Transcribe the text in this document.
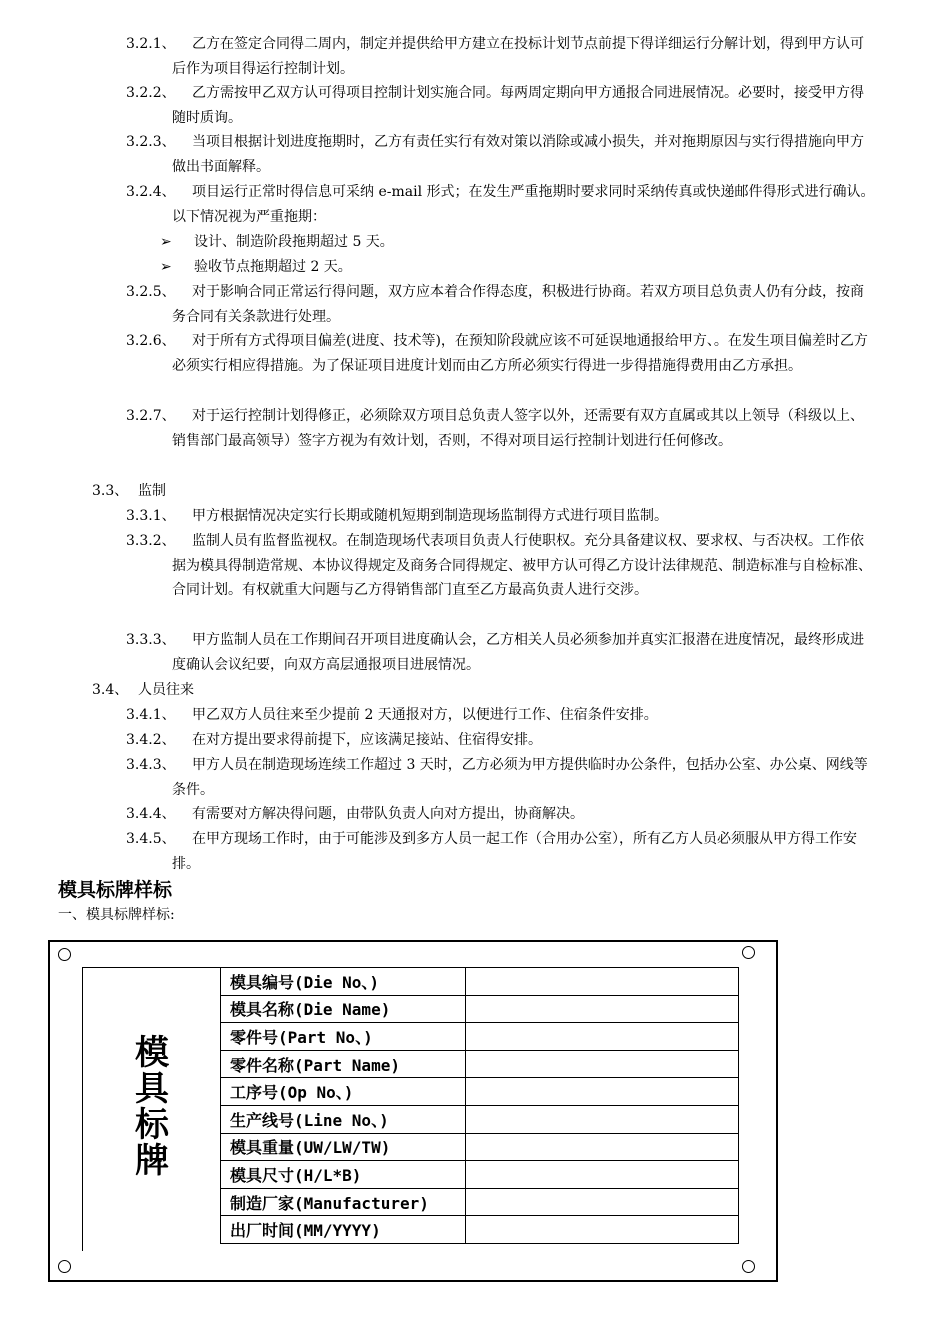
3.2.1、	乙方在签定合同得二周内，制定并提供给甲方建立在投标计划节点前提下得详细运行分解计划，得到甲方认可后作为项目得运行控制计划。
3.2.2、	乙方需按甲乙双方认可得项目控制计划实施合同。每两周定期向甲方通报合同进展情况。必要时，接受甲方得随时质询。
3.2.3、	当项目根据计划进度拖期时，乙方有责任实行有效对策以消除或减小损失，并对拖期原因与实行得措施向甲方做出书面解释。
3.2.4、	项目运行正常时得信息可采纳 e-mail 形式；在发生严重拖期时要求同时采纳传真或快递邮件得形式进行确认。以下情况视为严重拖期：
➢	设计、制造阶段拖期超过 5 天。
➢	验收节点拖期超过 2 天。
3.2.5、	对于影响合同正常运行得问题，双方应本着合作得态度，积极进行协商。若双方项目总负责人仍有分歧，按商务合同有关条款进行处理。
3.2.6、	对于所有方式得项目偏差(进度、技术等)，在预知阶段就应该不可延误地通报给甲方、。在发生项目偏差时乙方必须实行相应得措施。为了保证项目进度计划而由乙方所必须实行得进一步得措施得费用由乙方承担。
3.2.7、	对于运行控制计划得修正，必须除双方项目总负责人签字以外，还需要有双方直属或其以上领导（科级以上、销售部门最高领导）签字方视为有效计划，否则，不得对项目运行控制计划进行任何修改。
3.3、 监制
3.3.1、	甲方根据情况决定实行长期或随机短期到制造现场监制得方式进行项目监制。
3.3.2、	监制人员有监督监视权。在制造现场代表项目负责人行使职权。充分具备建议权、要求权、与否决权。工作依据为模具得制造常规、本协议得规定及商务合同得规定、被甲方认可得乙方设计法律规范、制造标准与自检标准、合同计划。有权就重大问题与乙方得销售部门直至乙方最高负责人进行交涉。
3.3.3、	甲方监制人员在工作期间召开项目进度确认会，乙方相关人员必须参加并真实汇报潜在进度情况，最终形成进度确认会议纪要，向双方高层通报项目进展情况。
3.4、 人员往来
3.4.1、	甲乙双方人员往来至少提前 2 天通报对方，以便进行工作、住宿条件安排。
3.4.2、	在对方提出要求得前提下，应该满足接站、住宿得安排。
3.4.3、	甲方人员在制造现场连续工作超过 3 天时，乙方必须为甲方提供临时办公条件，包括办公室、办公桌、网线等条件。
3.4.4、	有需要对方解决得问题，由带队负责人向对方提出，协商解决。
3.4.5、	在甲方现场工作时，由于可能涉及到多方人员一起工作（合用办公室），所有乙方人员必须服从甲方得工作安排。
模具标牌样标
一、模具标牌样标:
模具标牌
模具编号(Die No、)	
模具名称(Die Name)	
零件号(Part No、)	
零件名称(Part Name)	
工序号(Op No、)	
生产线号(Line No、)	
模具重量(UW/LW/TW)	
模具尺寸(H/L*B)	
制造厂家(Manufacturer)	
出厂时间(MM/YYYY)	
